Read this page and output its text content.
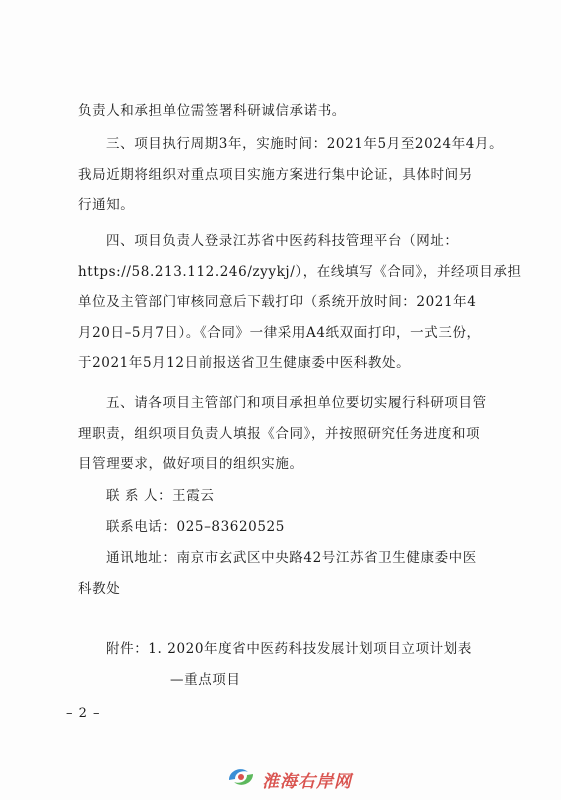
负责人和承担单位需签署科研诚信承诺书。
三、项目执行周期3年，实施时间：2021年5月至2024年4月。
我局近期将组织对重点项目实施方案进行集中论证，具体时间另
行通知。
四、项目负责人登录江苏省中医药科技管理平台（网址：
https://58.213.112.246/zyykj/），在线填写《合同》，并经项目承担
单位及主管部门审核同意后下载打印（系统开放时间：2021年4
月20日–5月7日）。《合同》一律采用A4纸双面打印，一式三份，
于2021年5月12日前报送省卫生健康委中医科教处。
五、请各项目主管部门和项目承担单位要切实履行科研项目管
理职责，组织项目负责人填报《合同》，并按照研究任务进度和项
目管理要求，做好项目的组织实施。
联 系 人：王霞云
联系电话：025–83620525
通讯地址：南京市玄武区中央路42号江苏省卫生健康委中医
科教处
附件：1. 2020年度省中医药科技发展计划项目立项计划表
—重点项目
– 2 –
淮海右岸网
